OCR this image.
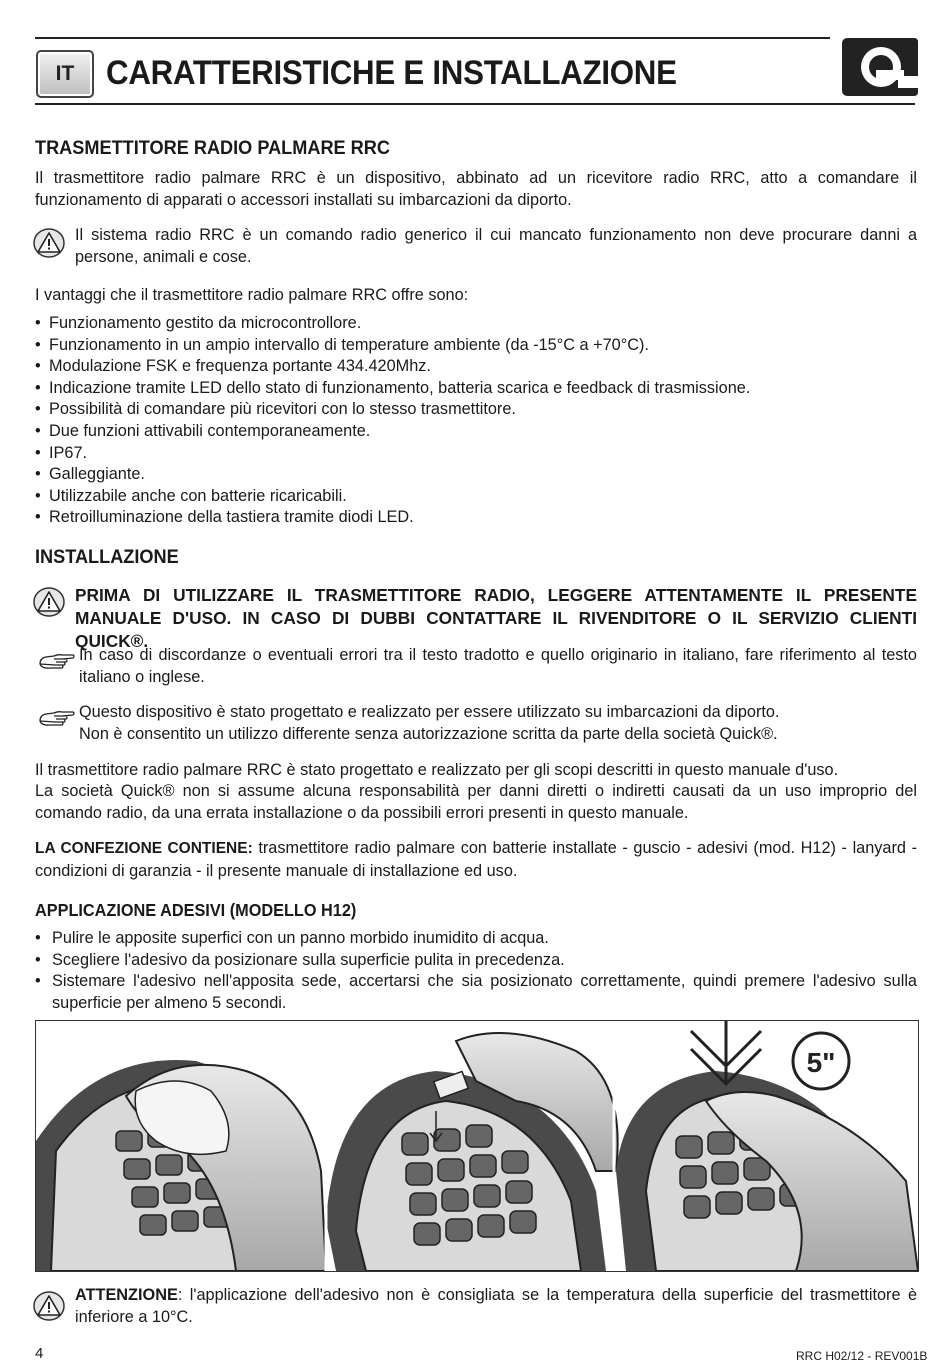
IT CARATTERISTICHE E INSTALLAZIONE
TRASMETTITORE RADIO PALMARE RRC
Il trasmettitore radio palmare RRC è un dispositivo, abbinato ad un ricevitore radio RRC, atto a comandare il funzionamento di apparati o accessori installati su imbarcazioni da diporto.
Il sistema radio RRC è un comando radio generico il cui mancato funzionamento non deve procurare danni a persone, animali e cose.
I vantaggi che il trasmettitore radio palmare RRC offre sono:
• Funzionamento gestito da microcontrollore.
• Funzionamento in un ampio intervallo di temperature ambiente (da -15°C a +70°C).
• Modulazione FSK e frequenza portante 434.420Mhz.
• Indicazione tramite LED dello stato di funzionamento, batteria scarica e feedback di trasmissione.
• Possibilità di comandare più ricevitori con lo stesso trasmettitore.
• Due funzioni attivabili contemporaneamente.
• IP67.
• Galleggiante.
• Utilizzabile anche con batterie ricaricabili.
• Retroilluminazione della tastiera tramite diodi LED.
INSTALLAZIONE
PRIMA DI UTILIZZARE IL TRASMETTITORE RADIO, LEGGERE ATTENTAMENTE IL PRESENTE MANUALE D'USO. IN CASO DI DUBBI CONTATTARE IL RIVENDITORE O IL SERVIZIO CLIENTI QUICK®.
In caso di discordanze o eventuali errori tra il testo tradotto e quello originario in italiano, fare riferimento al testo italiano o inglese.
Questo dispositivo è stato progettato e realizzato per essere utilizzato su imbarcazioni da diporto.
Non è consentito un utilizzo differente senza autorizzazione scritta da parte della società Quick®.
Il trasmettitore radio palmare RRC è stato progettato e realizzato per gli scopi descritti in questo manuale d'uso.
La società Quick® non si assume alcuna responsabilità per danni diretti o indiretti causati da un uso improprio del comando radio, da una errata installazione o da possibili errori presenti in questo manuale.
LA CONFEZIONE CONTIENE: trasmettitore radio palmare con batterie installate - guscio - adesivi (mod. H12) - lanyard - condizioni di garanzia - il presente manuale di installazione ed uso.
APPLICAZIONE ADESIVI (MODELLO H12)
• Pulire le apposite superfici con un panno morbido inumidito di acqua.
• Scegliere l'adesivo da posizionare sulla superficie pulita in precedenza.
• Sistemare l'adesivo nell'apposita sede, accertarsi che sia posizionato correttamente, quindi premere l'adesivo sulla superficie per almeno 5 secondi.
5"
ATTENZIONE: l'applicazione dell'adesivo non è consigliata se la temperatura della superficie del trasmettitore è inferiore a 10°C.
4	RRC H02/12 - REV001B
